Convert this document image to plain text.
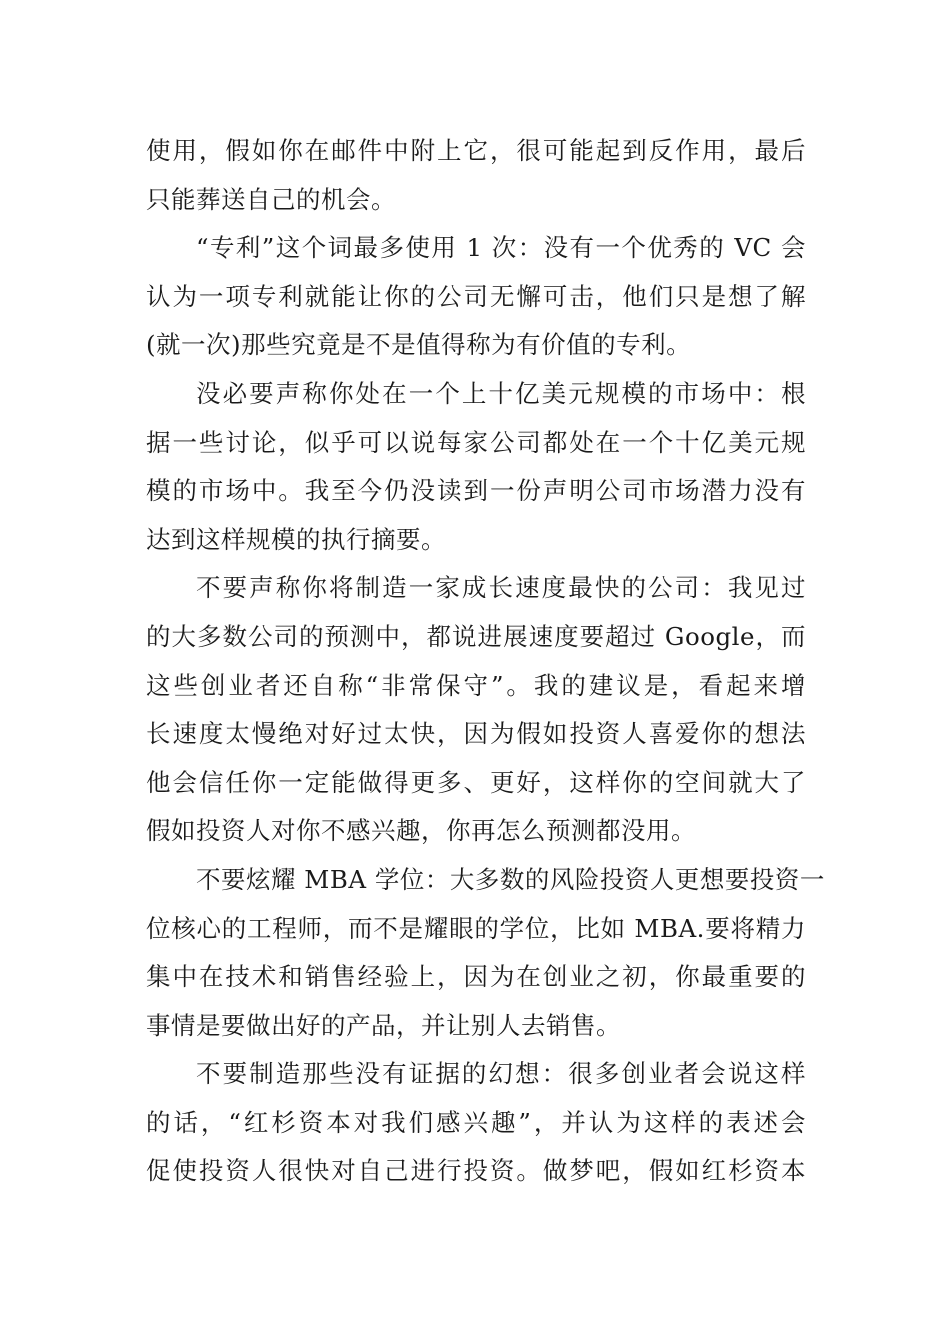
使用，假如你在邮件中附上它，很可能起到反作用，最后
只能葬送自己的机会。
“专利”这个词最多使用 1 次：没有一个优秀的 VC 会
认为一项专利就能让你的公司无懈可击，他们只是想了解
(就一次)那些究竟是不是值得称为有价值的专利。
没必要声称你处在一个上十亿美元规模的市场中：根
据一些讨论，似乎可以说每家公司都处在一个十亿美元规
模的市场中。我至今仍没读到一份声明公司市场潜力没有
达到这样规模的执行摘要。
不要声称你将制造一家成长速度最快的公司：我见过
的大多数公司的预测中，都说进展速度要超过 Google，而
这些创业者还自称“非常保守”。我的建议是，看起来增
长速度太慢绝对好过太快，因为假如投资人喜爱你的想法
他会信任你一定能做得更多、更好，这样你的空间就大了
假如投资人对你不感兴趣，你再怎么预测都没用。
不要炫耀 MBA 学位：大多数的风险投资人更想要投资一
位核心的工程师，而不是耀眼的学位，比如 MBA.要将精力
集中在技术和销售经验上，因为在创业之初，你最重要的
事情是要做出好的产品，并让别人去销售。
不要制造那些没有证据的幻想：很多创业者会说这样
的话，“红杉资本对我们感兴趣”，并认为这样的表述会
促使投资人很快对自己进行投资。做梦吧，假如红杉资本
